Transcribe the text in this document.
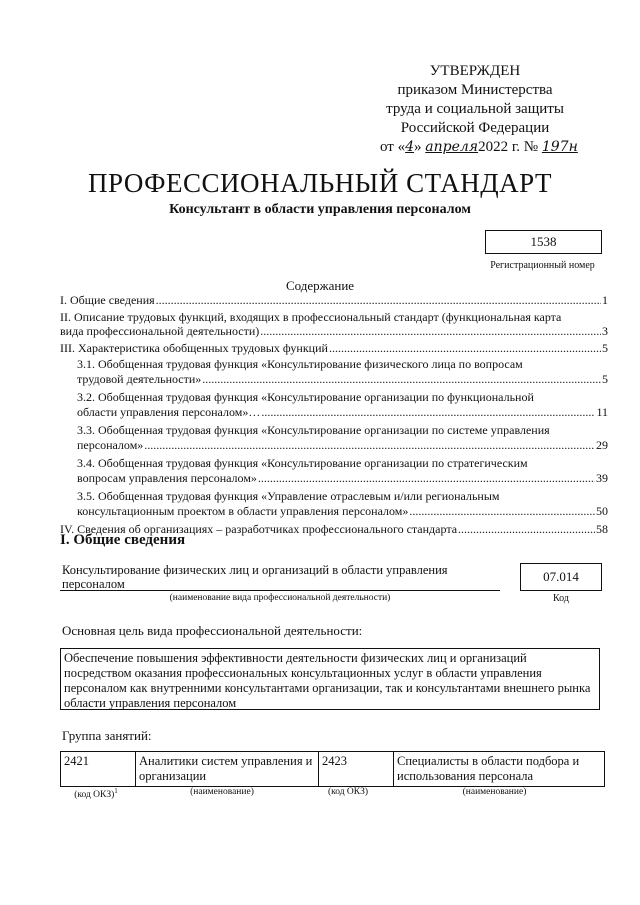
УТВЕРЖДЕН
приказом Министерства
труда и социальной защиты
Российской Федерации
от «4» апреля2022 г. № 197н
ПРОФЕССИОНАЛЬНЫЙ СТАНДАРТ
Консультант в области управления персоналом
1538
Регистрационный номер
Содержание
I. Общие сведения .....	1
II. Описание трудовых функций, входящих в профессиональный стандарт (функциональная карта
вида профессиональной деятельности) .....	3
III. Характеристика обобщенных трудовых функций .....	5
3.1. Обобщенная трудовая функция «Консультирование физического лица по вопросам
трудовой деятельности» .....	5
3.2. Обобщенная трудовая функция «Консультирование организации по функциональной
области управления персоналом»… .....	11
3.3. Обобщенная трудовая функция «Консультирование организации по системе управления
персоналом» .....	29
3.4. Обобщенная трудовая функция «Консультирование организации по стратегическим
вопросам управления персоналом» .....	39
3.5. Обобщенная трудовая функция «Управление отраслевым и/или региональным
консультационным проектом в области управления персоналом» .....	50
IV. Сведения об организациях – разработчиках профессионального стандарта .....	58
I. Общие сведения
Консультирование физических лиц и организаций в области управления персоналом
(наименование вида профессиональной деятельности)
07.014
Код
Основная цель вида профессиональной деятельности:
Обеспечение повышения эффективности деятельности физических лиц и организаций посредством оказания профессиональных консультационных услуг в области управления персоналом как внутренними консультантами организации, так и консультантами внешнего рынка области управления персоналом
Группа занятий:
2421	Аналитики систем управления и организации	2423	Специалисты в области подбора и использования персонала
(код ОКЗ)$^1$	(наименование)	(код ОКЗ)	(наименование)
